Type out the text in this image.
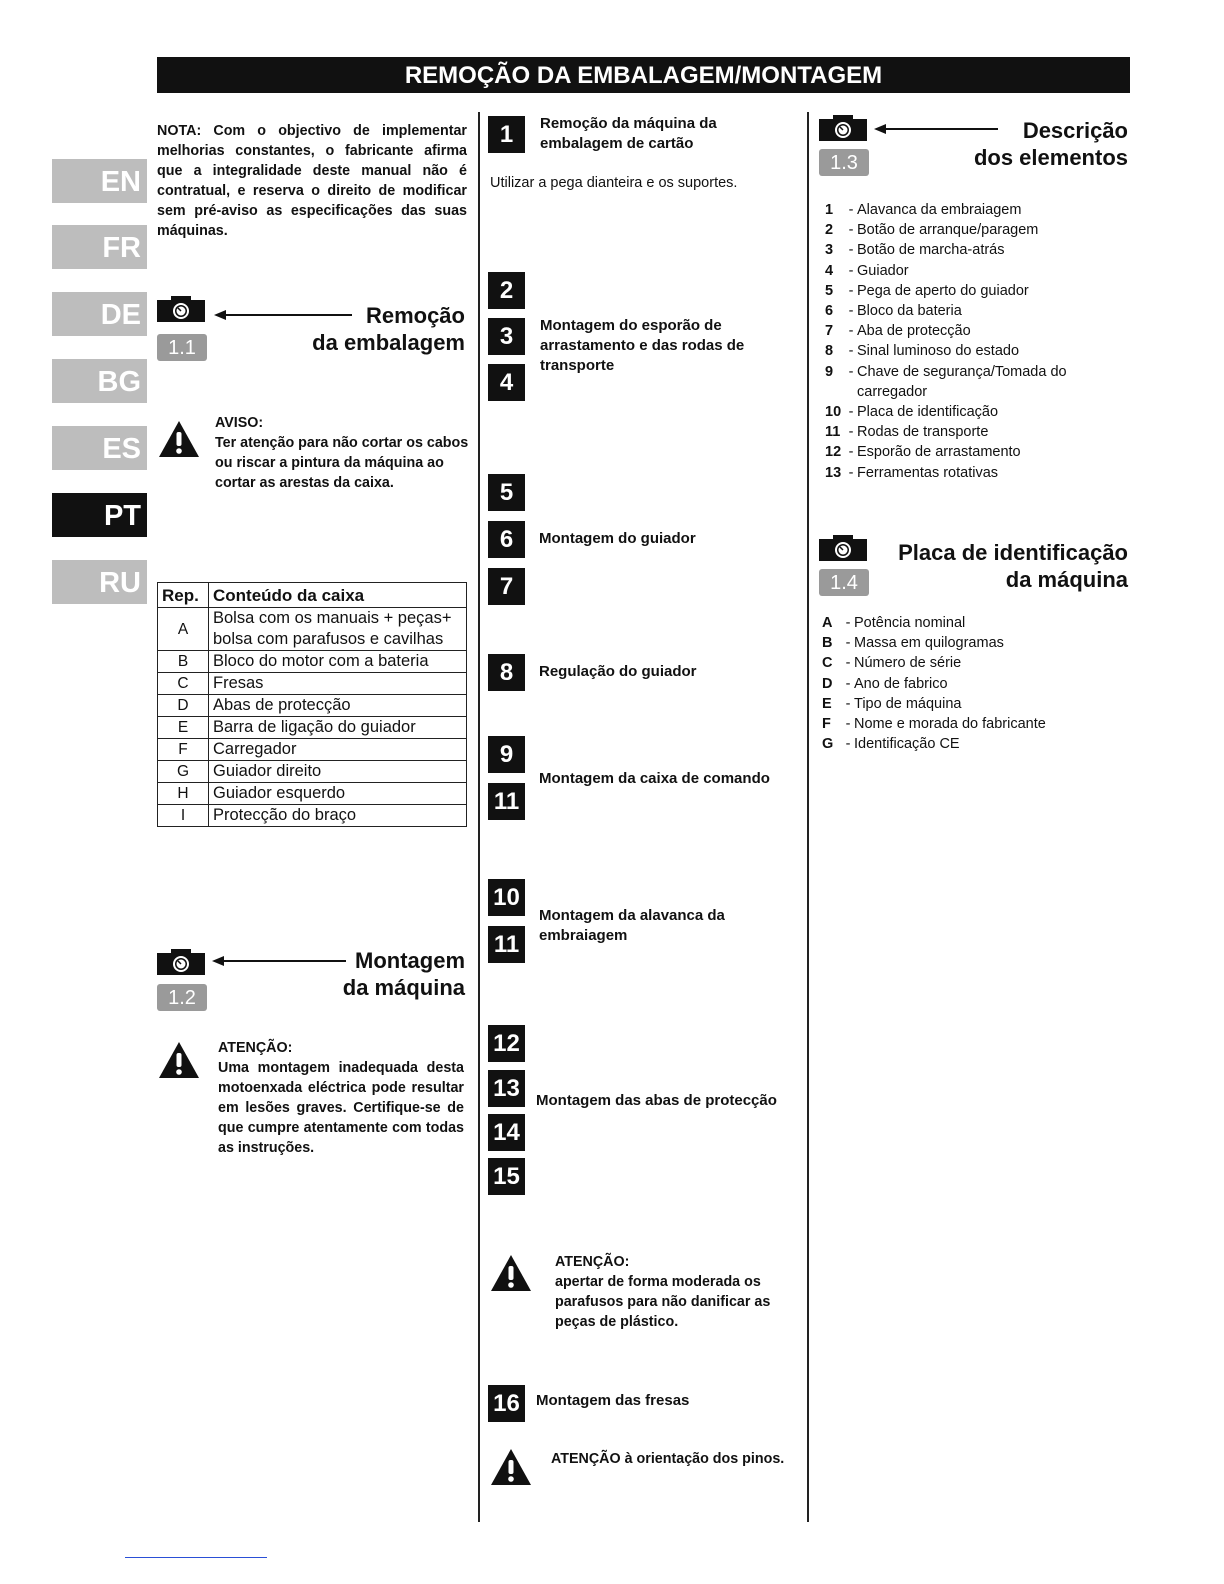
REMOÇÃO DA EMBALAGEM/MONTAGEM
EN
FR
DE
BG
ES
PT
RU
NOTA: Com o objectivo de implementar melhorias constantes, o fabricante afirma que a integralidade deste manual não é contratual, e reserva o direito de modificar sem pré-aviso as especificações das suas máquinas.
1.1
Remoção
da embalagem
AVISO:
Ter atenção para não cortar os cabos ou riscar a pintura da máquina ao cortar as arestas da caixa.
Rep.	Conteúdo da caixa
A	Bolsa com os manuais + peças+ bolsa com parafusos e cavilhas
B	Bloco do motor com a bateria
C	Fresas
D	Abas de protecção
E	Barra de ligação do guiador
F	Carregador
G	Guiador direito
H	Guiador esquerdo
I	Protecção do braço
1.2
Montagem
da máquina
ATENÇÃO:
Uma montagem inadequada desta motoenxada eléctrica pode resultar em lesões graves. Certifique-se de que cumpre atentamente com todas as instruções.
1	Remoção da máquina da embalagem de cartão
Utilizar a pega dianteira e os suportes.
2
3
4
Montagem do esporão de arrastamento e das rodas de transporte
5
6	Montagem do guiador
7
8	Regulação do guiador
9
11
Montagem da caixa de comando
10
11
Montagem da alavanca da embraiagem
12
13
14
15
Montagem das abas de protecção
ATENÇÃO:
apertar de forma moderada os parafusos para não danificar as peças de plástico.
16	Montagem das fresas
ATENÇÃO à orientação dos pinos.
1.3
Descrição
dos elementos
1	- Alavanca da embraiagem
2	- Botão de arranque/paragem
3	- Botão de marcha-atrás
4	- Guiador
5	- Pega de aperto do guiador
6	- Bloco da bateria
7	- Aba de protecção
8	- Sinal luminoso do estado
9	- Chave de segurança/Tomada do carregador
10 - Placa de identificação
11 - Rodas de transporte
12 - Esporão de arrastamento
13 - Ferramentas rotativas
1.4
Placa de identificação
da máquina
A - Potência nominal
B - Massa em quilogramas
C - Número de série
D - Ano de fabrico
E - Tipo de máquina
F	- Nome e morada do fabricante
G - Identificação CE
